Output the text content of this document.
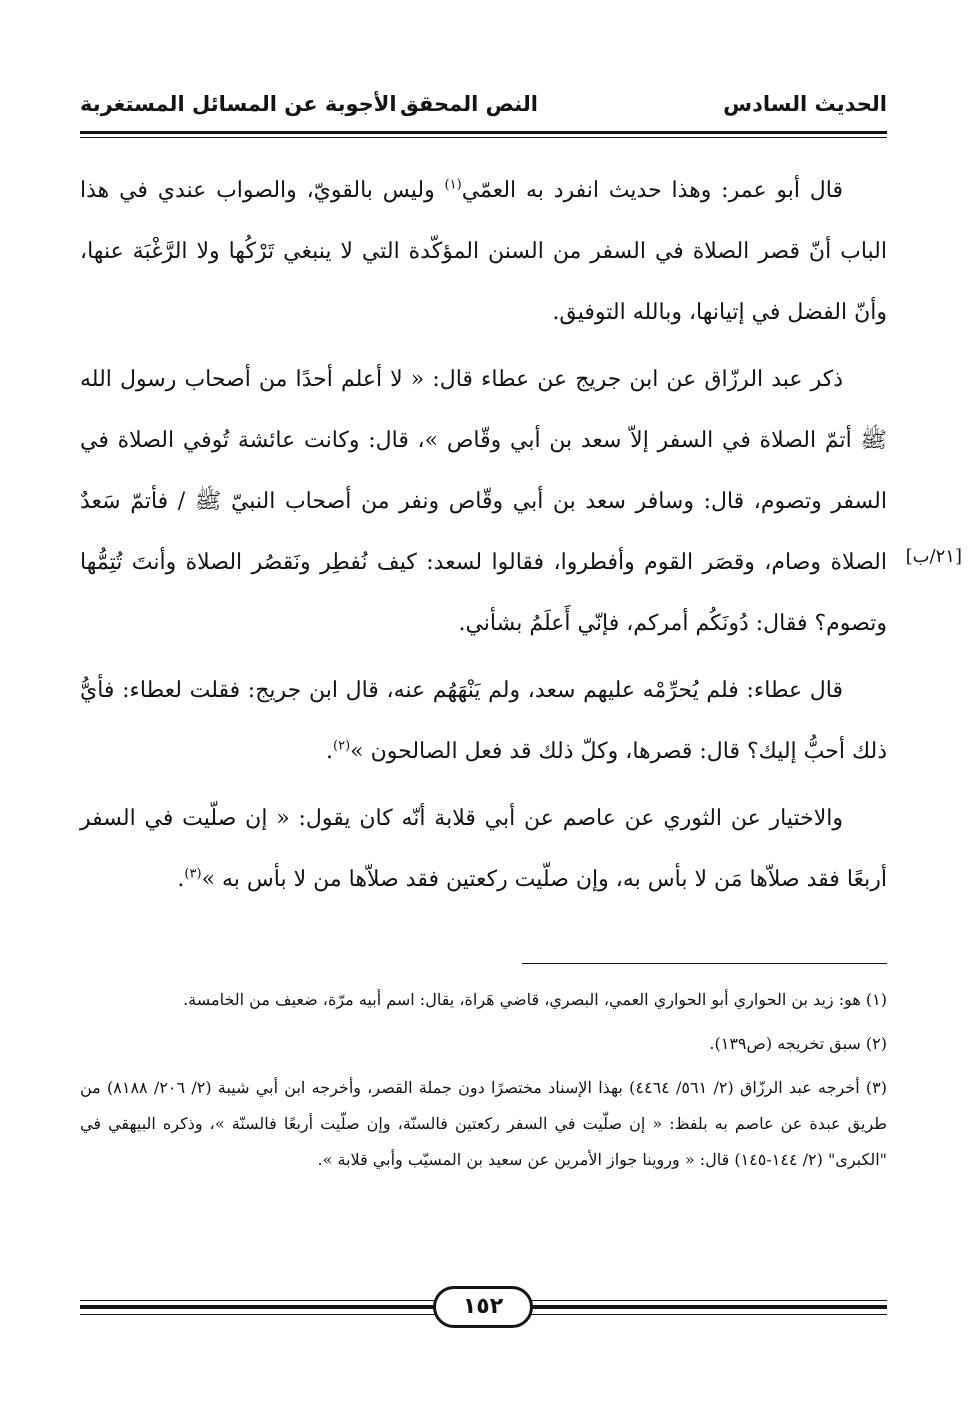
الحديث السادس
النص المحقق
الأجوبة عن المسائل المستغربة
[٢١/ب]

قال أبو عمر: وهذا حديث انفرد به العمّي$^{(١)}$ وليس بالقويّ، والصواب عندي في هذا الباب أنّ قصر الصلاة في السفر من السنن المؤكّدة التي لا ينبغي تَرْكُها ولا الرَّغْبَة عنها، وأنّ الفضل في إتيانها، وبالله التوفيق.

ذكر عبد الرزّاق عن ابن جريج عن عطاء قال: « لا أعلم أحدًا من أصحاب رسول الله ﷺ أتمّ الصلاة في السفر إلاّ سعد بن أبي وقّاص »، قال: وكانت عائشة تُوفي الصلاة في السفر وتصوم، قال: وسافر سعد بن أبي وقّاص ونفر من أصحاب النبيّ ﷺ / فأتمّ سَعدٌ الصلاة وصام، وقصَر القوم وأفطروا، فقالوا لسعد: كيف نُفطِر ونَقصُر الصلاة وأنتَ تُتِمُّها وتصوم؟ فقال: دُونَكُم أمركم، فإنّي أَعلَمُ بشأني.

قال عطاء: فلم يُحرِّمْه عليهم سعد، ولم يَنْهَهُم عنه، قال ابن جريج: فقلت لعطاء: فأيُّ ذلك أحبُّ إليك؟ قال: قصرها، وكلّ ذلك قد فعل الصالحون »$^{(٢)}$.

والاختيار عن الثوري عن عاصم عن أبي قلابة أنّه كان يقول: « إن صلّيت في السفر أربعًا فقد صلاّها مَن لا بأس به، وإن صلّيت ركعتين فقد صلاّها من لا بأس به »$^{(٣)}$.

(١) هو: زيد بن الحواري أبو الحواري العمي، البصري، قاضي هَراة، يقال: اسم أبيه مرّة، ضعيف من الخامسة.

(٢) سبق تخريجه (ص١٣٩).

(٣) أخرجه عبد الرزّاق (٢/ ٥٦١/ ٤٤٦٤) بهذا الإسناد مختصرًا دون جملة القصر، وأخرجه ابن أبي شيبة (٢/ ٢٠٦/ ٨١٨٨) من طريق عبدة عن عاصم به بلفظ: « إن صلّيت في السفر ركعتين فالسنّة، وإن صلّيت أربعًا فالسنّة »، وذكره البيهقي في "الكبرى" (٢/ ١٤٤-١٤٥) قال: « وروينا جواز الأمرين عن سعيد بن المسيّب وأبي قلابة ».

١٥٢
